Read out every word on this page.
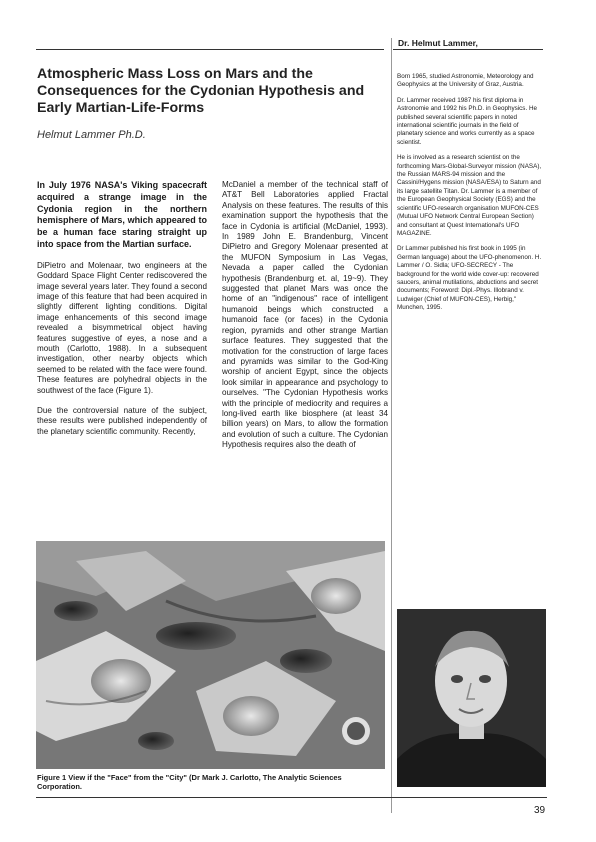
Dr. Helmut Lammer,
Atmospheric Mass Loss on Mars and the Consequences for the Cydonian Hypothesis and Early Martian-Life-Forms
Helmut Lammer Ph.D.

In July 1976 NASA's Viking spacecraft acquired a strange image in the Cydonia region in the northern hemisphere of Mars, which appeared to be a human face staring straight up into space from the Martian surface.

DiPietro and Molenaar, two engineers at the Goddard Space Flight Center rediscovered the image several years later. They found a second image of this feature that had been acquired in slightly different lighting conditions. Digital image enhancements of this second image revealed a bisymmetrical object having features suggestive of eyes, a nose and a mouth (Carlotto, 1988). In a subsequent investigation, other nearby objects which seemed to be related with the face were found. These features are polyhedral objects in the southwest of the face (Figure 1).

Due the controversial nature of the subject, these results were published independently of the planetary scientific community. Recently,

McDaniel a member of the technical staff of AT&T Bell Laboratories applied Fractal Analysis on these features. The results of this examination support the hypothesis that the face in Cydonia is artificial (McDaniel, 1993). In 1989 John E. Brandenburg, Vincent DiPietro and Gregory Molenaar presented at the MUFON Symposium in Las Vegas, Nevada a paper called the Cydonian hypothesis (Brandenburg et. al, 19~9). They suggested that planet Mars was once the home of an "indigenous" race of intelligent humanoid beings which constructed a humanoid face (or faces) in the Cydonia region, pyramids and other strange Martian surface features. They suggested that the motivation for the construction of large faces and pyramids was similar to the God-King worship of ancient Egypt, since the objects look similar in appearance and psychology to ourselves. "The Cydonian Hypothesis works with the principle of mediocrity and requires a long-lived earth like biosphere (at least 34 billion years) on Mars, to allow the formation and evolution of such a culture. The Cydonian Hypothesis requires also the death of

Born 1965, studied Astronomie, Meteorology and Geophysics at the University of Graz, Austria.

Dr. Lammer received 1987 his first diploma in Astronomie and 1992 his Ph.D. in Geophysics. He published several scientific papers in noted international scientific journals in the field of planetary science and works currently as a space scientist.

He is involved as a research scientist on the forthcoming Mars-Global-Surveyor mission (NASA), the Russian MARS-94 mission and the Cassini/Hygens mission (NASA/ESA) to Saturn and its large satellite Titan. Dr. Lammer is a member of the European Geophysical Society (EGS) and the scientific UFO-research organisation MUFON-CES (Mutual UFO Network Central European Section) and consultant at Quest International's UFO MAGAZINE.

Dr Lammer published his first book in 1995 (in German language) about the UFO-phenomenon. H. Lammer / O. Sidla; UFO-SECRECY - The background for the world wide cover-up: recovered saucers, animal mutilations, abductions and secret documents; Foreword: Dipl.-Phys. Illobrand v. Ludwiger (Chief of MUFON-CES), Herbig," Munchen, 1995.

Figure 1 View if the "Face" from the "City" (Dr Mark J. Carlotto, The Analytic Sciences Corporation.
39
